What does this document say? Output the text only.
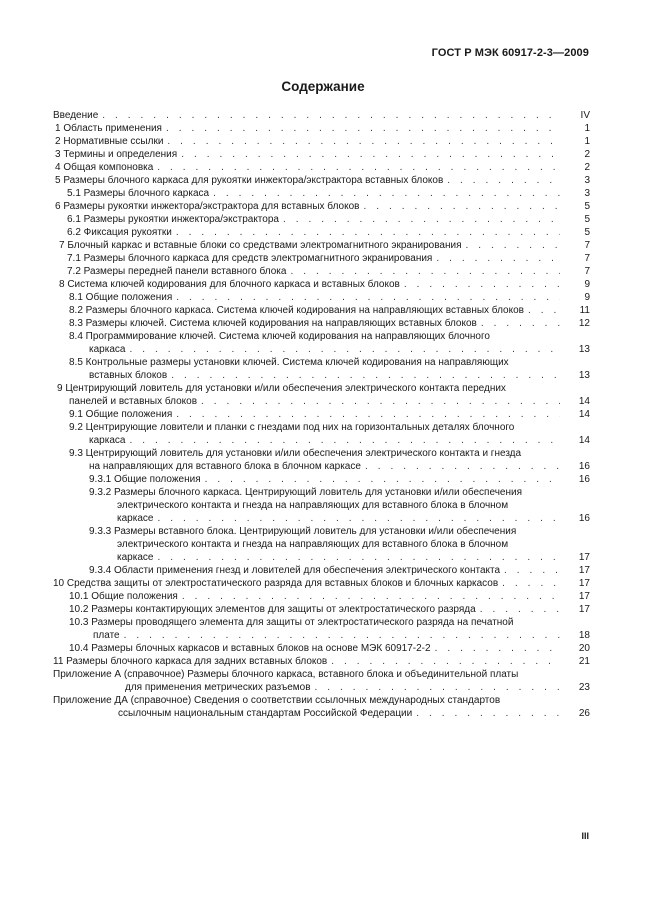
ГОСТ Р МЭК 60917-2-3—2009
Содержание
Введение . . .	IV
1 Область применения . . .	1
2 Нормативные ссылки . . .	1
3 Термины и определения . . .	2
4 Общая компоновка . . .	2
5 Размеры блочного каркаса для рукоятки инжектора/экстрактора вставных блоков . . .	3
5.1 Размеры блочного каркаса . . .	3
6 Размеры рукоятки инжектора/экстрактора для вставных блоков . . .	5
6.1 Размеры рукоятки инжектора/экстрактора . . .	5
6.2 Фиксация рукоятки . . .	5
7 Блочный каркас и вставные блоки со средствами электромагнитного экранирования . . .	7
7.1 Размеры блочного каркаса для средств электромагнитного экранирования . . .	7
7.2 Размеры передней панели вставного блока . . .	7
8 Система ключей кодирования для блочного каркаса и вставных блоков . . .	9
8.1 Общие положения . . .	9
8.2 Размеры блочного каркаса. Система ключей кодирования на направляющих вставных блоков . . .	11
8.3 Размеры ключей. Система ключей кодирования на направляющих вставных блоков . . .	12
8.4 Программирование ключей. Система ключей кодирования на направляющих блочного
каркаса . . .	13
8.5 Контрольные размеры установки ключей. Система ключей кодирования на направляющих
вставных блоков . . .	13
9 Центрирующий ловитель для установки и/или обеспечения электрического контакта передних
панелей и вставных блоков . . .	14
9.1 Общие положения . . .	14
9.2 Центрирующие ловители и планки с гнездами под них на горизонтальных деталях блочного
каркаса . . .	14
9.3 Центрирующий ловитель для установки и/или обеспечения электрического контакта и гнезда
на направляющих для вставного блока в блочном каркасе . . .	16
9.3.1 Общие положения . . .	16
9.3.2 Размеры блочного каркаса. Центрирующий ловитель для установки и/или обеспечения
электрического контакта и гнезда на направляющих для вставного блока в блочном
каркасе . . .	16
9.3.3 Размеры вставного блока. Центрирующий ловитель для установки и/или обеспечения
электрического контакта и гнезда на направляющих для вставного блока в блочном
каркасе . . .	17
9.3.4 Области применения гнезд и ловителей для обеспечения электрического контакта . . .	17
10 Средства защиты от электростатического разряда для вставных блоков и блочных каркасов . . .	17
10.1 Общие положения . . .	17
10.2 Размеры контактирующих элементов для защиты от электростатического разряда . . .	17
10.3 Размеры проводящего элемента для защиты от электростатического разряда на печатной
плате . . .	18
10.4 Размеры блочных каркасов и вставных блоков на основе МЭК 60917-2-2 . . .	20
11 Размеры блочного каркаса для задних вставных блоков . . .	21
Приложение А (справочное) Размеры блочного каркаса, вставного блока и объединительной платы
для применения метрических разъемов . . .	23
Приложение ДА (справочное) Сведения о соответствии ссылочных международных стандартов
ссылочным национальным стандартам Российской Федерации . . .	26
III
